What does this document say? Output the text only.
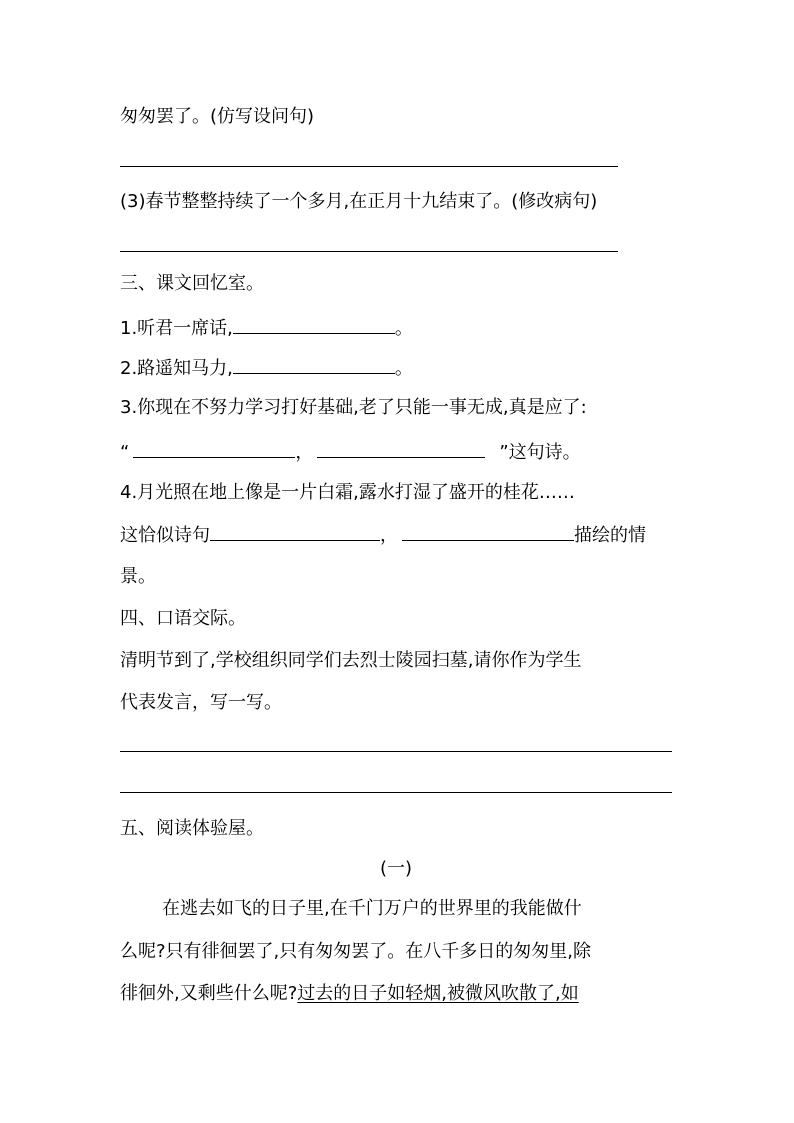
匆匆罢了。(仿写设问句)
(3)春节整整持续了一个多月,在正月十九结束了。(修改病句)
三、课文回忆室。
1.听君一席话,	。
2.路遥知马力,	。
3.你现在不努力学习打好基础,老了只能一事无成,真是应了:
“	，	”这句诗。
4.月光照在地上像是一片白霜,露水打湿了盛开的桂花……
这恰似诗句	，	描绘的情
景。
四、口语交际。
清明节到了,学校组织同学们去烈士陵园扫墓,请你作为学生
代表发言，写一写。
五、阅读体验屋。
(一)
在逃去如飞的日子里,在千门万户的世界里的我能做什
么呢?只有徘徊罢了,只有匆匆罢了。在八千多日的匆匆里,除
徘徊外,又剩些什么呢?过去的日子如轻烟,被微风吹散了,如
